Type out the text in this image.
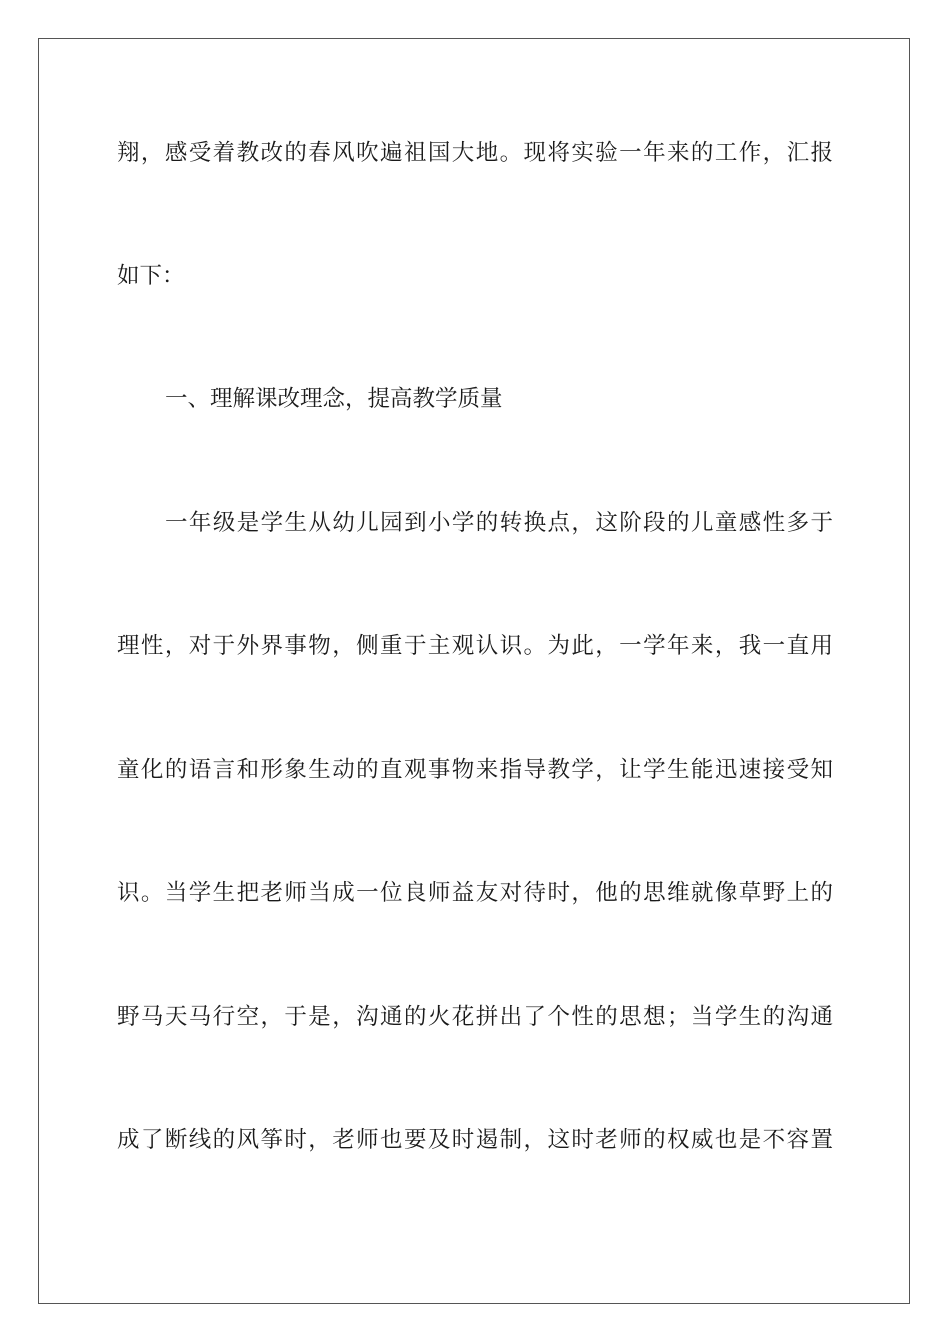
翔，感受着教改的春风吹遍祖国大地。现将实验一年来的工作，汇报

如下：

一、理解课改理念，提高教学质量

一年级是学生从幼儿园到小学的转换点，这阶段的儿童感性多于

理性，对于外界事物，侧重于主观认识。为此，一学年来，我一直用

童化的语言和形象生动的直观事物来指导教学，让学生能迅速接受知

识。当学生把老师当成一位良师益友对待时，他的思维就像草野上的

野马天马行空，于是，沟通的火花拼出了个性的思想；当学生的沟通

成了断线的风筝时，老师也要及时遏制，这时老师的权威也是不容置
